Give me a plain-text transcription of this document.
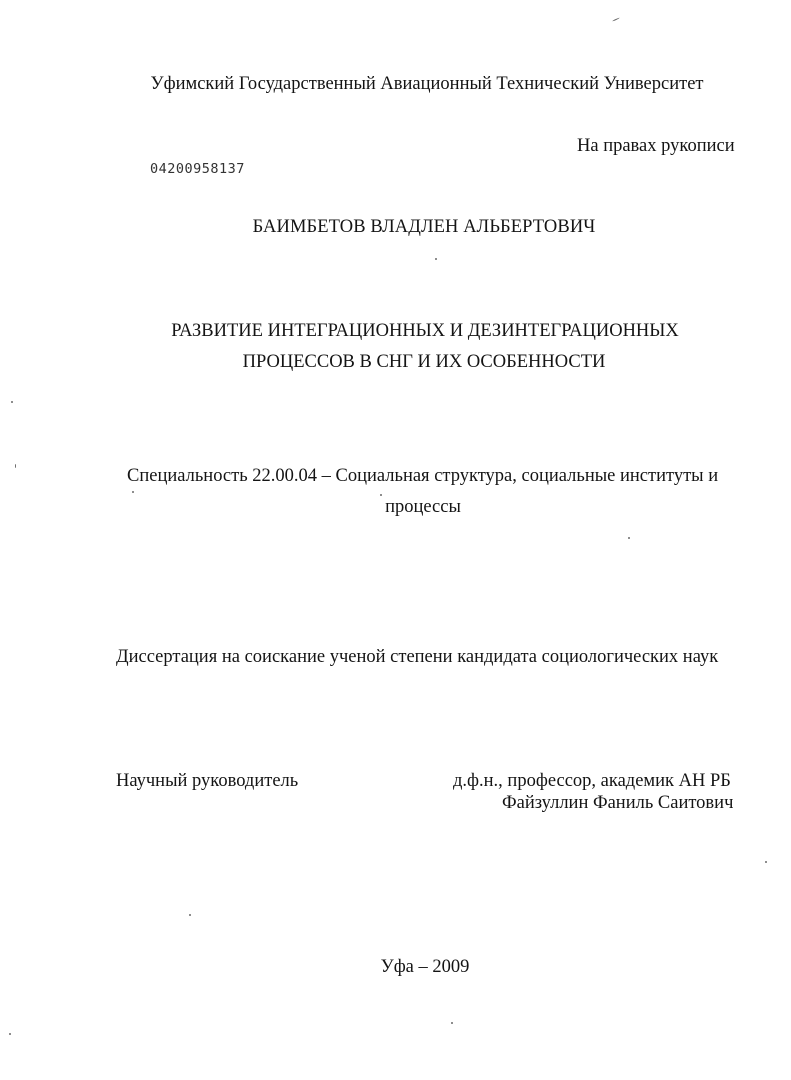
Уфимский Государственный Авиационный Технический Университет
На правах рукописи
04200958137
БАИМБЕТОВ ВЛАДЛЕН АЛЬБЕРТОВИЧ
РАЗВИТИЕ ИНТЕГРАЦИОННЫХ И ДЕЗИНТЕГРАЦИОННЫХ
ПРОЦЕССОВ В СНГ И ИХ ОСОБЕННОСТИ
Специальность 22.00.04 – Социальная структура, социальные институты и
процессы
Диссертация на соискание ученой степени кандидата социологических наук
Научный руководитель	д.ф.н., профессор, академик АН РБ
Файзуллин Фаниль Саитович
Уфа – 2009
